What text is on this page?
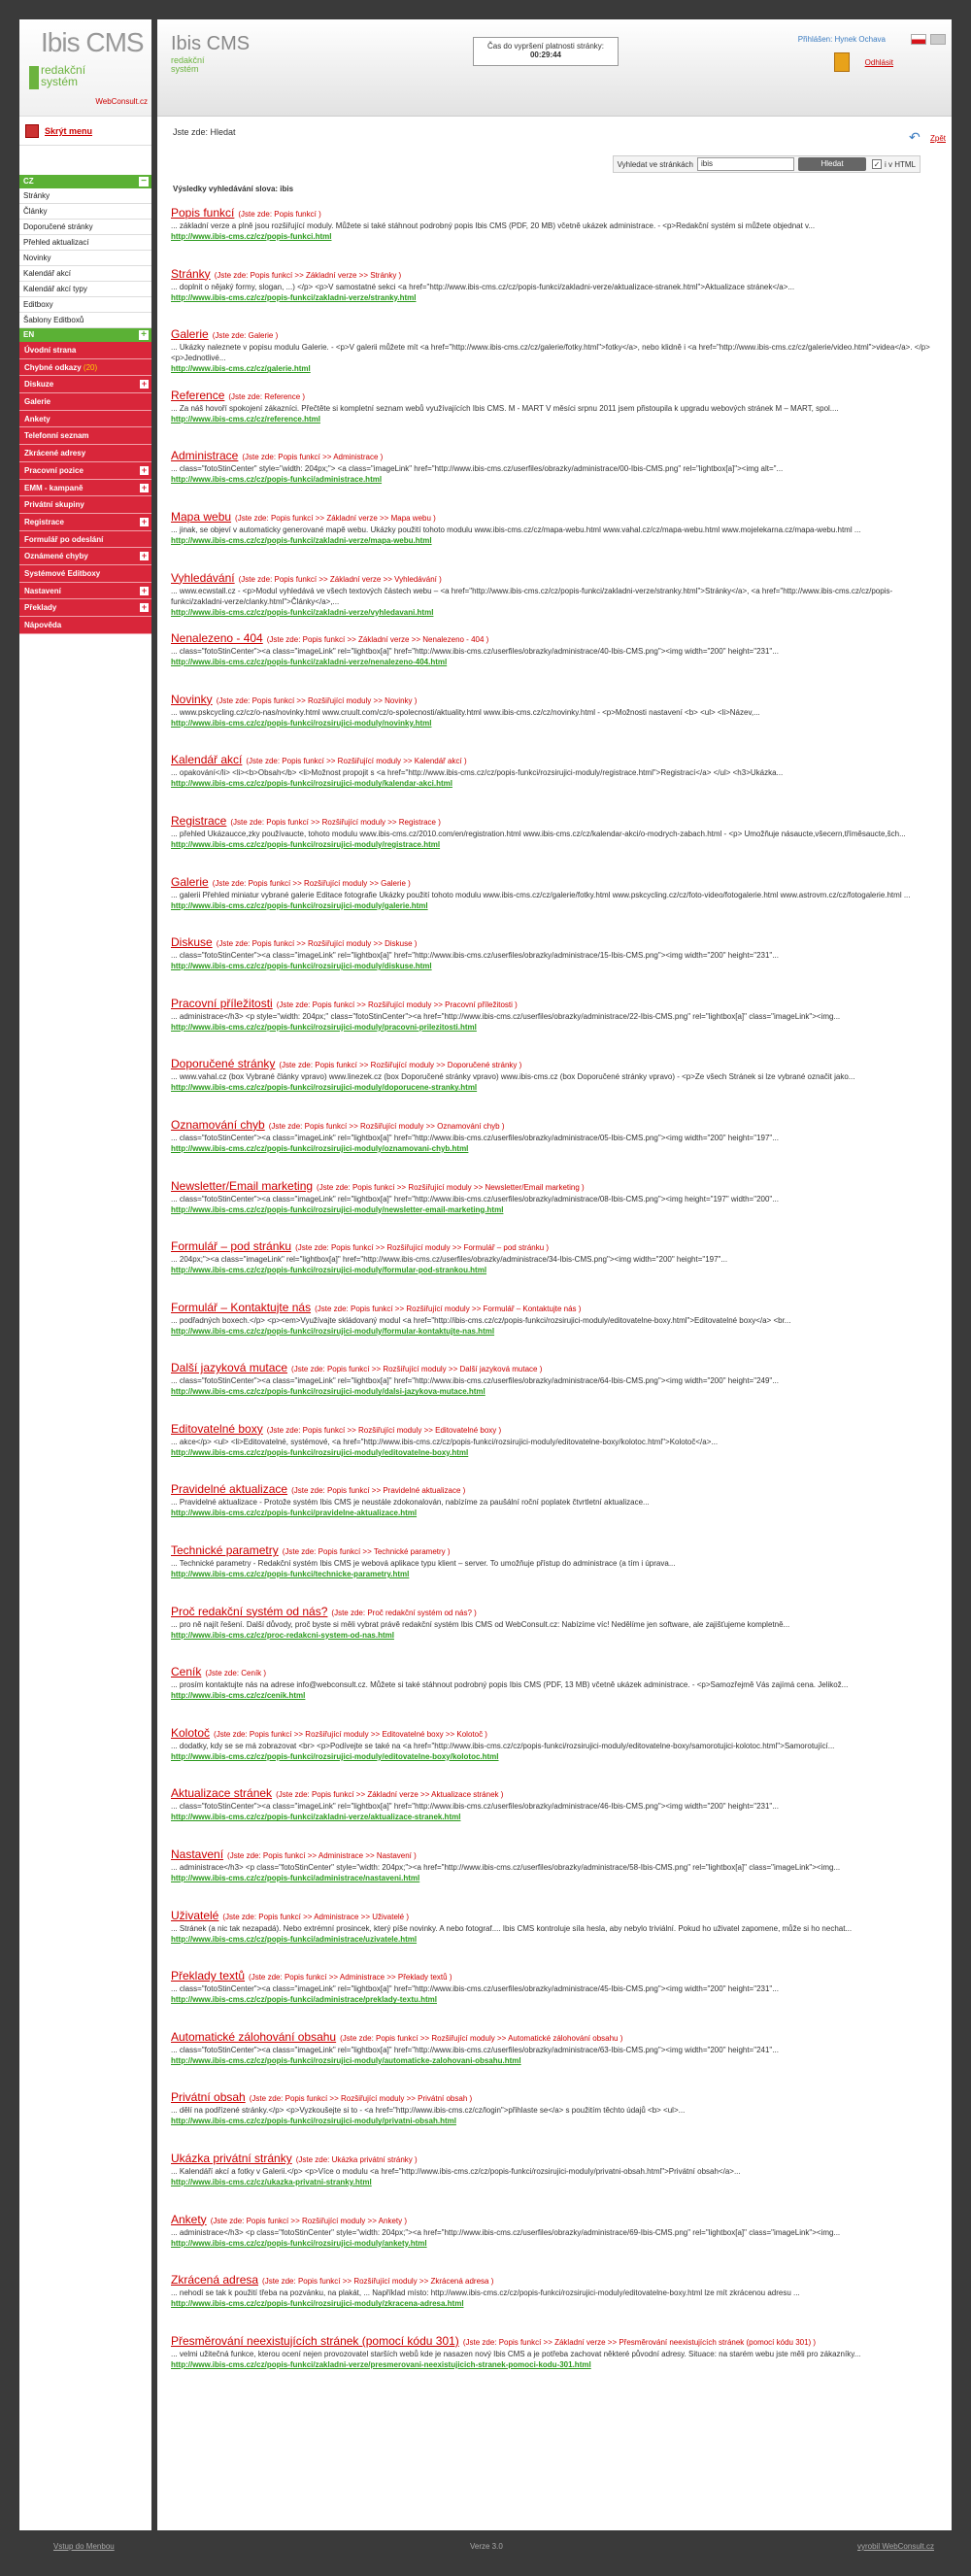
Ibis CMS
redakční
systém
WebConsult.cz
Skrýt menu
CZ	−
Stránky
Články
Doporučené stránky
Přehled aktualizací
Novinky
Kalendář akcí
Kalendář akcí typy
Editboxy
Šablony Editboxů
EN	+
Úvodní strana
Chybné odkazy (20)
Diskuze	+
Galerie
Ankety
Telefonní seznam
Zkrácené adresy
Pracovní pozice	+
EMM - kampaně	+
Privátní skupiny
Registrace	+
Formulář po odeslání
Oznámené chyby	+
Systémové Editboxy
Nastavení	+
Překlady	+
Nápověda
Ibis CMS
redakční systém
Čas do vypršení platnosti stránky:
00:29:44
Přihlášen: Hynek Ochava
Odhlásit
Jste zde: Hledat	↶ Zpět
Vyhledat ve stránkách	ibis	Hledat	✓ i v HTML
Výsledky vyhledávání slova: ibis
Popis funkcí (Jste zde: Popis funkcí )
... základní verze a plně jsou rozšiřující moduly. Můžete si také stáhnout podrobný popis Ibis CMS (PDF, 20 MB) včetně ukázek administrace. - <p>Redakční systém si můžete objednat v...
http://www.ibis-cms.cz/cz/popis-funkci.html
Stránky (Jste zde: Popis funkcí >> Základní verze >> Stránky )
... doplnit o nějaký formy, slogan, ...) </p> <p>V samostatné sekci <a href="http://www.ibis-cms.cz/cz/popis-funkci/zakladni-verze/aktualizace-stranek.html">Aktualizace stránek</a>...
http://www.ibis-cms.cz/cz/popis-funkci/zakladni-verze/stranky.html
Galerie (Jste zde: Galerie )
... Ukázky naleznete v popisu modulu Galerie. - <p>V galerii můžete mít <a href="http://www.ibis-cms.cz/cz/galerie/fotky.html">fotky</a>, nebo klidně i <a href="http://www.ibis-cms.cz/cz/galerie/video.html">videa</a>. </p> <p>Jednotlivé...
http://www.ibis-cms.cz/cz/galerie.html
Reference (Jste zde: Reference )
... Za náš hovoří spokojení zákazníci. Přečtěte si kompletní seznam webů využívajících Ibis CMS. M - MART V měsíci srpnu 2011 jsem přistoupila k upgradu webových stránek M – MART, spol....
http://www.ibis-cms.cz/cz/reference.html
Administrace (Jste zde: Popis funkcí >> Administrace )
... class="fotoStinCenter" style="width: 204px;"> <a class="imageLink" href="http://www.ibis-cms.cz/userfiles/obrazky/administrace/00-Ibis-CMS.png" rel="lightbox[a]"><img alt="...
http://www.ibis-cms.cz/cz/popis-funkci/administrace.html
Mapa webu (Jste zde: Popis funkcí >> Základní verze >> Mapa webu )
... jinak, se objeví v automaticky generované mapě webu. Ukázky použití tohoto modulu www.ibis-cms.cz/cz/mapa-webu.html www.vahal.cz/cz/mapa-webu.html www.mojelekarna.cz/mapa-webu.html ...
http://www.ibis-cms.cz/cz/popis-funkci/zakladni-verze/mapa-webu.html
Vyhledávání (Jste zde: Popis funkcí >> Základní verze >> Vyhledávání )
... www.ecwstall.cz - <p>Modul vyhledává ve všech textových částech webu – <a href="http://www.ibis-cms.cz/cz/popis-funkci/zakladni-verze/stranky.html">Stránky</a>, <a href="http://www.ibis-cms.cz/cz/popis-funkci/zakladni-verze/clanky.html">Články</a>,...
http://www.ibis-cms.cz/cz/popis-funkci/zakladni-verze/vyhledavani.html
Nenalezeno - 404 (Jste zde: Popis funkcí >> Základní verze >> Nenalezeno - 404 )
... class="fotoStinCenter"><a class="imageLink" rel="lightbox[a]" href="http://www.ibis-cms.cz/userfiles/obrazky/administrace/40-Ibis-CMS.png"><img width="200" height="231"...
http://www.ibis-cms.cz/cz/popis-funkci/zakladni-verze/nenalezeno-404.html
Novinky (Jste zde: Popis funkcí >> Rozšiřující moduly >> Novinky )
... www.pskcycling.cz/cz/o-nas/novinky.html www.cruult.com/cz/o-spolecnosti/aktuality.html www.ibis-cms.cz/cz/novinky.html - <p>Možnosti nastavení <b> <ul> <li>Název,...
http://www.ibis-cms.cz/cz/popis-funkci/rozsirujici-moduly/novinky.html
Kalendář akcí (Jste zde: Popis funkcí >> Rozšiřující moduly >> Kalendář akcí )
... opakování</li> <li><b>Obsah</b> <li>Možnost propojit s <a href="http://www.ibis-cms.cz/cz/popis-funkci/rozsirujici-moduly/registrace.html">Registrací</a> </ul> <h3>Ukázka...
http://www.ibis-cms.cz/cz/popis-funkci/rozsirujici-moduly/kalendar-akci.html
Registrace (Jste zde: Popis funkcí >> Rozšiřující moduly >> Registrace )
... přehled Ukázaucce,zky používaucte, tohoto modulu www.ibis-cms.cz/2010.com/en/registration.html www.ibis-cms.cz/cz/kalendar-akci/o-modrych-zabach.html - <p> Umožňuje násaucte,všecern,tříměsaucte,šch...
http://www.ibis-cms.cz/cz/popis-funkci/rozsirujici-moduly/registrace.html
Galerie (Jste zde: Popis funkcí >> Rozšiřující moduly >> Galerie )
... galerii Přehled miniatur vybrané galerie Editace fotografie Ukázky použití tohoto modulu www.ibis-cms.cz/cz/galerie/fotky.html www.pskcycling.cz/cz/foto-video/fotogalerie.html www.astrovm.cz/cz/fotogalerie.html ...
http://www.ibis-cms.cz/cz/popis-funkci/rozsirujici-moduly/galerie.html
Diskuse (Jste zde: Popis funkcí >> Rozšiřující moduly >> Diskuse )
... class="fotoStinCenter"><a class="imageLink" rel="lightbox[a]" href="http://www.ibis-cms.cz/userfiles/obrazky/administrace/15-Ibis-CMS.png"><img width="200" height="231"...
http://www.ibis-cms.cz/cz/popis-funkci/rozsirujici-moduly/diskuse.html
Pracovní příležitosti (Jste zde: Popis funkcí >> Rozšiřující moduly >> Pracovní příležitosti )
... administrace</h3> <p style="width: 204px;" class="fotoStinCenter"><a href="http://www.ibis-cms.cz/userfiles/obrazky/administrace/22-Ibis-CMS.png" rel="lightbox[a]" class="imageLink"><img...
http://www.ibis-cms.cz/cz/popis-funkci/rozsirujici-moduly/pracovni-prilezitosti.html
Doporučené stránky (Jste zde: Popis funkcí >> Rozšiřující moduly >> Doporučené stránky )
... www.vahal.cz (box Vybrané články vpravo) www.linezek.cz (box Doporučené stránky vpravo) www.ibis-cms.cz (box Doporučené stránky vpravo) - <p>Ze všech Stránek si lze vybrané označit jako...
http://www.ibis-cms.cz/cz/popis-funkci/rozsirujici-moduly/doporucene-stranky.html
Oznamování chyb (Jste zde: Popis funkcí >> Rozšiřující moduly >> Oznamování chyb )
... class="fotoStinCenter"><a class="imageLink" rel="lightbox[a]" href="http://www.ibis-cms.cz/userfiles/obrazky/administrace/05-Ibis-CMS.png"><img width="200" height="197"...
http://www.ibis-cms.cz/cz/popis-funkci/rozsirujici-moduly/oznamovani-chyb.html
Newsletter/Email marketing (Jste zde: Popis funkcí >> Rozšiřující moduly >> Newsletter/Email marketing )
... class="fotoStinCenter"><a class="imageLink" rel="lightbox[a]" href="http://www.ibis-cms.cz/userfiles/obrazky/administrace/08-Ibis-CMS.png"><img height="197" width="200"...
http://www.ibis-cms.cz/cz/popis-funkci/rozsirujici-moduly/newsletter-email-marketing.html
Formulář – pod stránku (Jste zde: Popis funkcí >> Rozšiřující moduly >> Formulář – pod stránku )
... 204px;"><a class="imageLink" rel="lightbox[a]" href="http://www.ibis-cms.cz/userfiles/obrazky/administrace/34-Ibis-CMS.png"><img width="200" height="197"...
http://www.ibis-cms.cz/cz/popis-funkci/rozsirujici-moduly/formular-pod-strankou.html
Formulář – Kontaktujte nás (Jste zde: Popis funkcí >> Rozšiřující moduly >> Formulář – Kontaktujte nás )
... podřadných boxech.</p> <p><em>Využívajte skládovaný modul <a href="http://ibis-cms.cz/cz/popis-funkci/rozsirujici-moduly/editovatelne-boxy.html">Editovatelné boxy</a> <br...
http://www.ibis-cms.cz/cz/popis-funkci/rozsirujici-moduly/formular-kontaktujte-nas.html
Další jazyková mutace (Jste zde: Popis funkcí >> Rozšiřující moduly >> Další jazyková mutace )
... class="fotoStinCenter"><a class="imageLink" rel="lightbox[a]" href="http://www.ibis-cms.cz/userfiles/obrazky/administrace/64-Ibis-CMS.png"><img width="200" height="249"...
http://www.ibis-cms.cz/cz/popis-funkci/rozsirujici-moduly/dalsi-jazykova-mutace.html
Editovatelné boxy (Jste zde: Popis funkcí >> Rozšiřující moduly >> Editovatelné boxy )
... akce</p> <ul> <li>Editovatelné, systémové, <a href="http://www.ibis-cms.cz/cz/popis-funkci/rozsirujici-moduly/editovatelne-boxy/kolotoc.html">Kolotoč</a>...
http://www.ibis-cms.cz/cz/popis-funkci/rozsirujici-moduly/editovatelne-boxy.html
Pravidelné aktualizace (Jste zde: Popis funkcí >> Pravidelné aktualizace )
... Pravidelné aktualizace - Protože systém Ibis CMS je neustále zdokonalován, nabízíme za paušální roční poplatek čtvrtletní aktualizace...
http://www.ibis-cms.cz/cz/popis-funkci/pravidelne-aktualizace.html
Technické parametry (Jste zde: Popis funkcí >> Technické parametry )
... Technické parametry - Redakční systém Ibis CMS je webová aplikace typu klient – server. To umožňuje přístup do administrace (a tím i úprava...
http://www.ibis-cms.cz/cz/popis-funkci/technicke-parametry.html
Proč redakční systém od nás? (Jste zde: Proč redakční systém od nás? )
... pro ně najít řešení. Další důvody, proč byste si měli vybrat právě redakční systém Ibis CMS od WebConsult.cz: Nabízíme víc! Nedělíme jen software, ale zajišťujeme kompletně...
http://www.ibis-cms.cz/cz/proc-redakcni-system-od-nas.html
Ceník (Jste zde: Ceník )
... prosím kontaktujte nás na adrese info@webconsult.cz. Můžete si také stáhnout podrobný popis Ibis CMS (PDF, 13 MB) včetně ukázek administrace. - <p>Samozřejmě Vás zajímá cena. Jelikož...
http://www.ibis-cms.cz/cz/cenik.html
Kolotoč (Jste zde: Popis funkcí >> Rozšiřující moduly >> Editovatelné boxy >> Kolotoč )
... dodatky, kdy se se má zobrazovat <br> <p>Podívejte se také na <a href="http://www.ibis-cms.cz/cz/popis-funkci/rozsirujici-moduly/editovatelne-boxy/samorotujici-kolotoc.html">Samorotující...
http://www.ibis-cms.cz/cz/popis-funkci/rozsirujici-moduly/editovatelne-boxy/kolotoc.html
Aktualizace stránek (Jste zde: Popis funkcí >> Základní verze >> Aktualizace stránek )
... class="fotoStinCenter"><a class="imageLink" rel="lightbox[a]" href="http://www.ibis-cms.cz/userfiles/obrazky/administrace/46-Ibis-CMS.png"><img width="200" height="231"...
http://www.ibis-cms.cz/cz/popis-funkci/zakladni-verze/aktualizace-stranek.html
Nastavení (Jste zde: Popis funkcí >> Administrace >> Nastavení )
... administrace</h3> <p class="fotoStinCenter" style="width: 204px;"><a href="http://www.ibis-cms.cz/userfiles/obrazky/administrace/58-Ibis-CMS.png" rel="lightbox[a]" class="imageLink"><img...
http://www.ibis-cms.cz/cz/popis-funkci/administrace/nastaveni.html
Uživatelé (Jste zde: Popis funkcí >> Administrace >> Uživatelé )
... Stránek (a nic tak nezapadá). Nebo extrémní prosincek, který píše novinky. A nebo fotograf.... Ibis CMS kontroluje síla hesla, aby nebylo triviální. Pokud ho uživatel zapomene, může si ho nechat...
http://www.ibis-cms.cz/cz/popis-funkci/administrace/uzivatele.html
Překlady textů (Jste zde: Popis funkcí >> Administrace >> Překlady textů )
... class="fotoStinCenter"><a class="imageLink" rel="lightbox[a]" href="http://www.ibis-cms.cz/userfiles/obrazky/administrace/45-Ibis-CMS.png"><img width="200" height="231"...
http://www.ibis-cms.cz/cz/popis-funkci/administrace/preklady-textu.html
Automatické zálohování obsahu (Jste zde: Popis funkcí >> Rozšiřující moduly >> Automatické zálohování obsahu )
... class="fotoStinCenter"><a class="imageLink" rel="lightbox[a]" href="http://www.ibis-cms.cz/userfiles/obrazky/administrace/63-Ibis-CMS.png"><img width="200" height="241"...
http://www.ibis-cms.cz/cz/popis-funkci/rozsirujici-moduly/automaticke-zalohovani-obsahu.html
Privátní obsah (Jste zde: Popis funkcí >> Rozšiřující moduly >> Privátní obsah )
... dělí na podřízené stránky.</p> <p>Vyzkoušejte si to - <a href="http://www.ibis-cms.cz/cz/login">přihlaste se</a> s použitím těchto údajů <b> <ul>...
http://www.ibis-cms.cz/cz/popis-funkci/rozsirujici-moduly/privatni-obsah.html
Ukázka privátní stránky (Jste zde: Ukázka privátní stránky )
... Kalendáří akcí a fotky v Galerii.</p> <p>Více o modulu <a href="http://www.ibis-cms.cz/cz/popis-funkci/rozsirujici-moduly/privatni-obsah.html">Privátní obsah</a>...
http://www.ibis-cms.cz/cz/ukazka-privatni-stranky.html
Ankety (Jste zde: Popis funkcí >> Rozšiřující moduly >> Ankety )
... administrace</h3> <p class="fotoStinCenter" style="width: 204px;"><a href="http://www.ibis-cms.cz/userfiles/obrazky/administrace/69-Ibis-CMS.png" rel="lightbox[a]" class="imageLink"><img...
http://www.ibis-cms.cz/cz/popis-funkci/rozsirujici-moduly/ankety.html
Zkrácená adresa (Jste zde: Popis funkcí >> Rozšiřující moduly >> Zkrácená adresa )
... nehodí se tak k použití třeba na pozvánku, na plakát, ... Například místo: http://www.ibis-cms.cz/cz/popis-funkci/rozsirujici-moduly/editovatelne-boxy.html lze mít zkrácenou adresu ...
http://www.ibis-cms.cz/cz/popis-funkci/rozsirujici-moduly/zkracena-adresa.html
Přesměrování neexistujících stránek (pomocí kódu 301) (Jste zde: Popis funkcí >> Základní verze >> Přesměrování neexistujících stránek (pomocí kódu 301) )
... velmi užitečná funkce, kterou ocení nejen provozovatel starších webů kde je nasazen nový Ibis CMS a je potřeba zachovat některé původní adresy. Situace: na starém webu jste měli pro zákazníky...
http://www.ibis-cms.cz/cz/popis-funkci/zakladni-verze/presmerovani-neexistujicich-stranek-pomoci-kodu-301.html
Vstup do Menbou	Verze 3.0	vyrobil WebConsult.cz
